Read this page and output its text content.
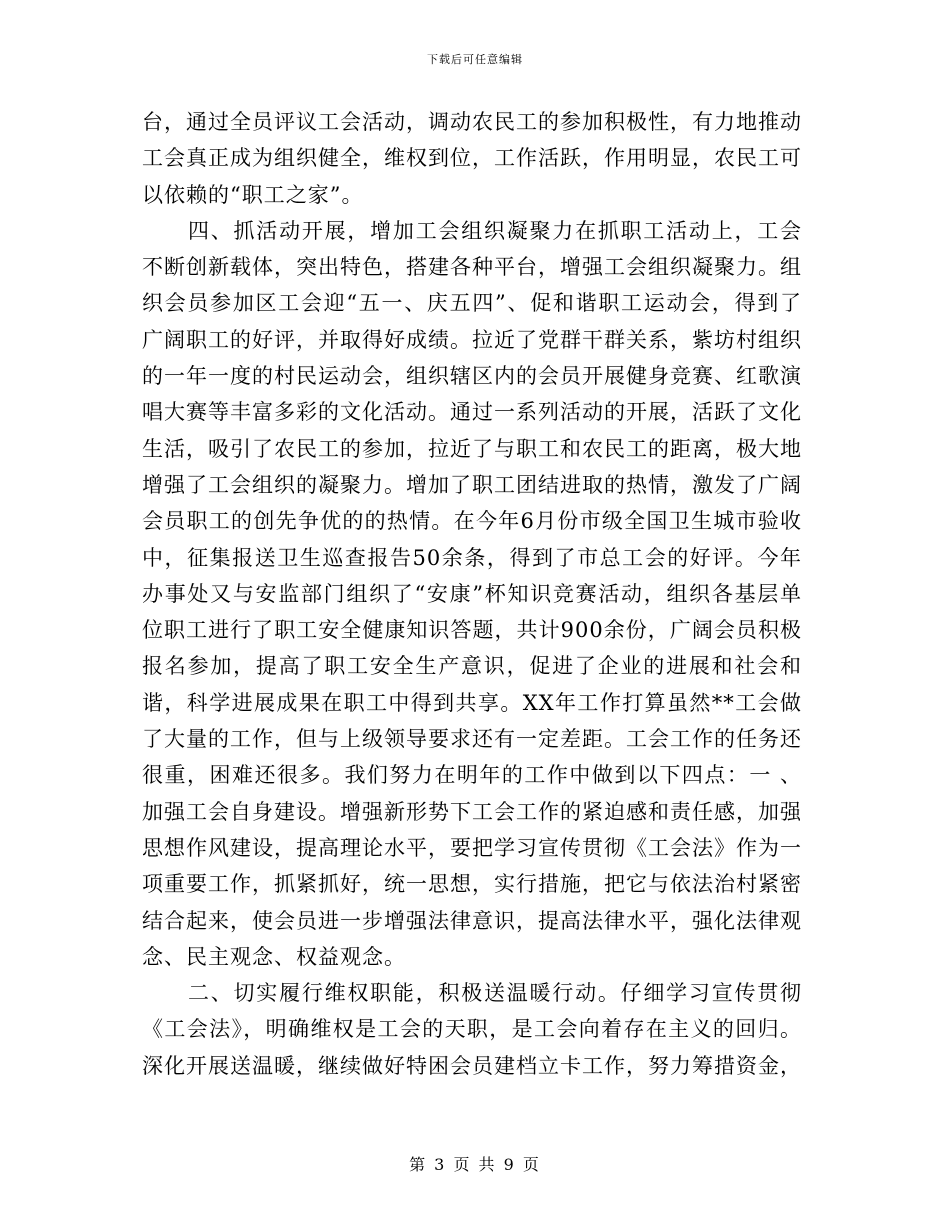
下载后可任意编辑

台，通过全员评议工会活动，调动农民工的参加积极性，有力地推动工会真正成为组织健全，维权到位，工作活跃，作用明显，农民工可以依赖的“职工之家”。

四、抓活动开展，增加工会组织凝聚力在抓职工活动上，工会不断创新载体，突出特色，搭建各种平台，增强工会组织凝聚力。组织会员参加区工会迎“五一、庆五四”、促和谐职工运动会，得到了广阔职工的好评，并取得好成绩。拉近了党群干群关系，紫坊村组织的一年一度的村民运动会，组织辖区内的会员开展健身竞赛、红歌演唱大赛等丰富多彩的文化活动。通过一系列活动的开展，活跃了文化生活，吸引了农民工的参加，拉近了与职工和农民工的距离，极大地增强了工会组织的凝聚力。增加了职工团结进取的热情，激发了广阔会员职工的创先争优的的热情。在今年6月份市级全国卫生城市验收中，征集报送卫生巡查报告50余条，得到了市总工会的好评。今年办事处又与安监部门组织了“安康”杯知识竞赛活动，组织各基层单位职工进行了职工安全健康知识答题，共计900余份，广阔会员积极报名参加，提高了职工安全生产意识，促进了企业的进展和社会和谐，科学进展成果在职工中得到共享。XX年工作打算虽然**工会做了大量的工作，但与上级领导要求还有一定差距。工会工作的任务还很重，困难还很多。我们努力在明年的工作中做到以下四点：一 、加强工会自身建设。增强新形势下工会工作的紧迫感和责任感，加强思想作风建设，提高理论水平，要把学习宣传贯彻《工会法》作为一项重要工作，抓紧抓好，统一思想，实行措施，把它与依法治村紧密结合起来，使会员进一步增强法律意识，提高法律水平，强化法律观念、民主观念、权益观念。

二、切实履行维权职能，积极送温暖行动。仔细学习宣传贯彻《工会法》，明确维权是工会的天职，是工会向着存在主义的回归。深化开展送温暖，继续做好特困会员建档立卡工作，努力筹措资金，

第 3 页 共 9 页
